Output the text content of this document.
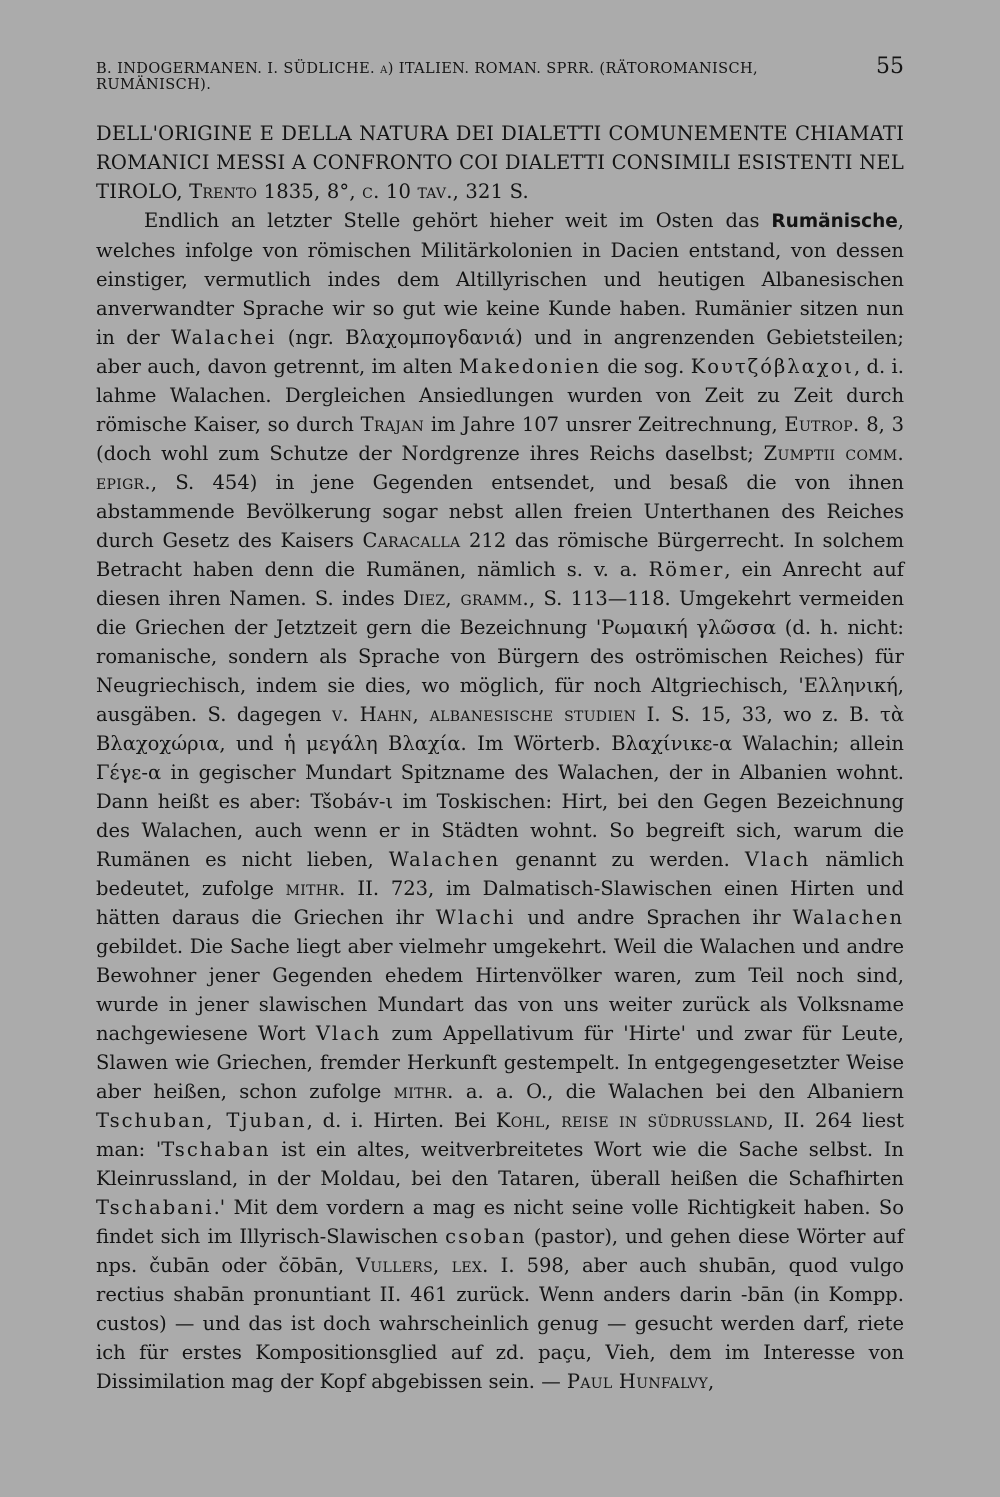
B. INDOGERMANEN. I. SÜDLICHE. a) ITALIEN. ROMAN. SPRR. (RÄTOROMANISCH, RUMÄNISCH).
55
DELL'ORIGINE E DELLA NATURA DEI DIALETTI COMUNEMENTE CHIAMATI ROMANICI MESSI A CONFRONTO COI DIALETTI CONSIMILI ESISTENTI NEL TIROLO, Trento 1835, 8°, c. 10 tav., 321 S.

Endlich an letzter Stelle gehört hieher weit im Osten das Rumänische, welches infolge von römischen Militärkolonien in Dacien entstand, von dessen einstiger, vermutlich indes dem Altillyrischen und heutigen Albanesischen anverwandter Sprache wir so gut wie keine Kunde haben. Rumänier sitzen nun in der Walachei (ngr. Βλαχομπογδανιά) und in angrenzenden Gebietsteilen; aber auch, davon getrennt, im alten Makedonien die sog. Κουτζόβλαχοι, d. i. lahme Walachen. Dergleichen Ansiedlungen wurden von Zeit zu Zeit durch römische Kaiser, so durch Trajan im Jahre 107 unsrer Zeitrechnung, Eutrop. 8, 3 (doch wohl zum Schutze der Nordgrenze ihres Reichs daselbst; Zumptii comm. epigr., S. 454) in jene Gegenden entsendet, und besaß die von ihnen abstammende Bevölkerung sogar nebst allen freien Unterthanen des Reiches durch Gesetz des Kaisers Caracalla 212 das römische Bürgerrecht. In solchem Betracht haben denn die Rumänen, nämlich s. v. a. Römer, ein Anrecht auf diesen ihren Namen. S. indes Diez, gramm., S. 113—118. Umgekehrt vermeiden die Griechen der Jetztzeit gern die Bezeichnung 'Ρωμαική γλῶσσα (d. h. nicht: romanische, sondern als Sprache von Bürgern des oströmischen Reiches) für Neugriechisch, indem sie dies, wo möglich, für noch Altgriechisch, 'Ελληνική, ausgäben. S. dagegen v. Hahn, albanesische studien I. S. 15, 33, wo z. B. τὰ Βλαχοχώρια, und ἡ μεγάλη Βλαχία. Im Wörterb. Βλαχίνικε-α Walachin; allein Γέγε-α in gegischer Mundart Spitzname des Walachen, der in Albanien wohnt. Dann heißt es aber: Tšobáv-ι im Toskischen: Hirt, bei den Gegen Bezeichnung des Walachen, auch wenn er in Städten wohnt. So begreift sich, warum die Rumänen es nicht lieben, Walachen genannt zu werden. Vlach nämlich bedeutet, zufolge mithr. II. 723, im Dalmatisch-Slawischen einen Hirten und hätten daraus die Griechen ihr Wlachi und andre Sprachen ihr Walachen gebildet. Die Sache liegt aber vielmehr umgekehrt. Weil die Walachen und andre Bewohner jener Gegenden ehedem Hirtenvölker waren, zum Teil noch sind, wurde in jener slawischen Mundart das von uns weiter zurück als Volksname nachgewiesene Wort Vlach zum Appellativum für 'Hirte' und zwar für Leute, Slawen wie Griechen, fremder Herkunft gestempelt. In entgegengesetzter Weise aber heißen, schon zufolge mithr. a. a. O., die Walachen bei den Albaniern Tschuban, Tjuban, d. i. Hirten. Bei Kohl, reise in südrussland, II. 264 liest man: 'Tschaban ist ein altes, weitverbreitetes Wort wie die Sache selbst. In Kleinrussland, in der Moldau, bei den Tataren, überall heißen die Schafhirten Tschabani.' Mit dem vordern a mag es nicht seine volle Richtigkeit haben. So findet sich im Illyrisch-Slawischen csoban (pastor), und gehen diese Wörter auf nps. čubān oder čōbān, Vullers, lex. I. 598, aber auch shubān, quod vulgo rectius shabān pronuntiant II. 461 zurück. Wenn anders darin -bān (in Kompp. custos) — und das ist doch wahrscheinlich genug — gesucht werden darf, riete ich für erstes Kompositionsglied auf zd. paçu, Vieh, dem im Interesse von Dissimilation mag der Kopf abgebissen sein. — Paul Hunfalvy,
